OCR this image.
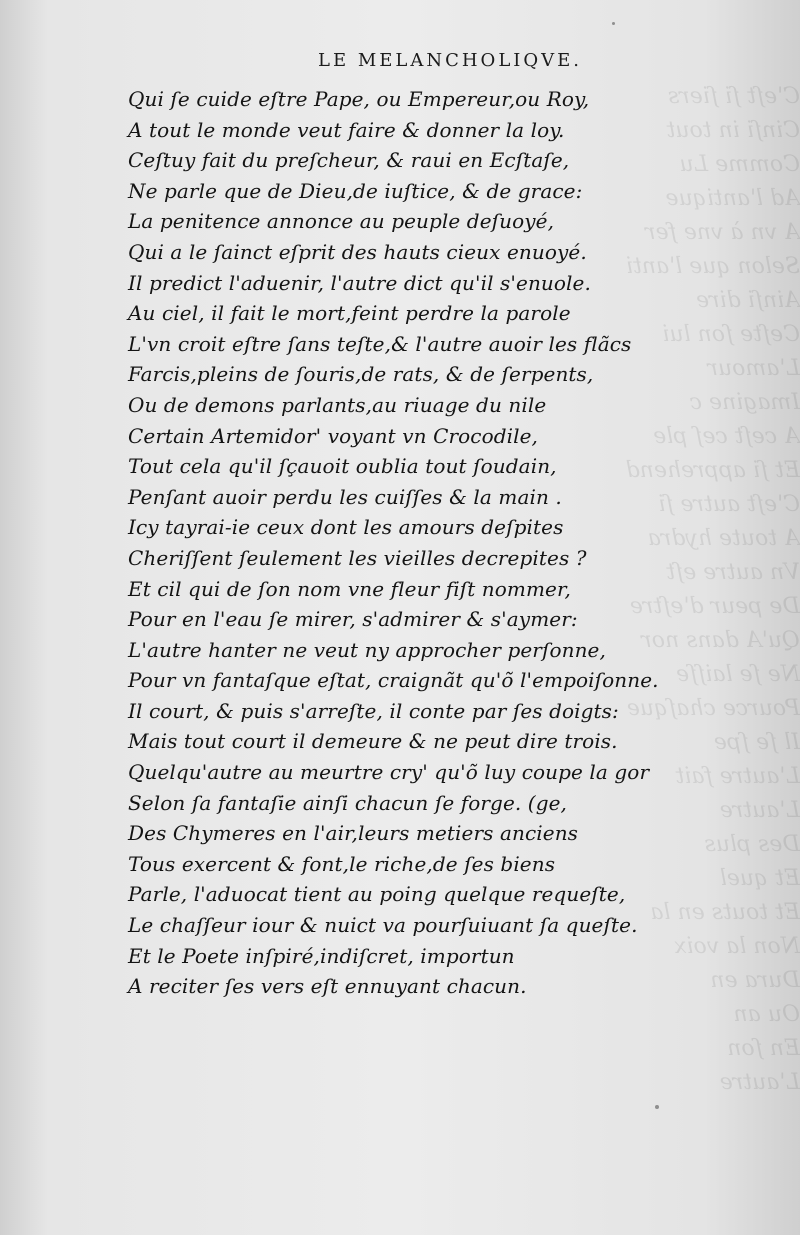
C'eſt ſi ſiers
Cinſi in tout
Comme Lu
Ad l'antique
A vn à vne fer
Selon que l'anti
Ainſi dire
Ceſte ſon lui
L'amour
Imagine c
A ceſt ceſ ple
Et ſi apprehend
C'eſt autre ſi
A toute hydra
Vn autre eſt
De peur d'eſtre
Qu'A dans nor
Ne ſe laiſſe
Pource chaſque
Il ſe ſpe
L'autre fait
L'autre
Des plus
Et quel
Et touts en la
Non la voix
Dura en
Ou an
En ſon
L'autre
LE MELANCHOLIQVE.
Qui ſe cuide eſtre Pape, ou Empereur,ou Roy,
A tout le monde veut faire & donner la loy.
Ceſtuy fait du preſcheur, & raui en Ecſtaſe,
Ne parle que de Dieu,de iuſtice, & de grace:
La penitence annonce au peuple deſuoyé,
Qui a le ſainct eſprit des hauts cieux enuoyé.
Il predict l'aduenir, l'autre dict qu'il s'enuole.
Au ciel, il fait le mort,feint perdre la parole
L'vn croit eſtre ſans teſte,& l'autre auoir les flãcs
Farcis,pleins de ſouris,de rats, & de ſerpents,
Ou de demons parlants,au riuage du nile
Certain Artemidor' voyant vn Crocodile,
Tout cela qu'il ſçauoit oublia tout ſoudain,
Penſant auoir perdu les cuiſſes & la main .
Icy tayrai-ie ceux dont les amours deſpites
Cheriſſent ſeulement les vieilles decrepites ?
Et cil qui de ſon nom vne fleur fiſt nommer,
Pour en l'eau ſe mirer, s'admirer & s'aymer:
L'autre hanter ne veut ny approcher perſonne,
Pour vn fantaſque eſtat, craignãt qu'õ l'empoiſonne.
Il court, & puis s'arreſte, il conte par ſes doigts:
Mais tout court il demeure & ne peut dire trois.
Quelqu'autre au meurtre cry' qu'õ luy coupe la gor
Selon ſa fantaſie ainſi chacun ſe forge. (ge,
Des Chymeres en l'air,leurs metiers anciens
Tous exercent & font,le riche,de ſes biens
Parle, l'aduocat tient au poing quelque requeſte,
Le chaſſeur iour & nuict va pourſuiuant ſa queſte.
Et le Poete inſpiré,indiſcret, importun
A reciter ſes vers eſt ennuyant chacun.
